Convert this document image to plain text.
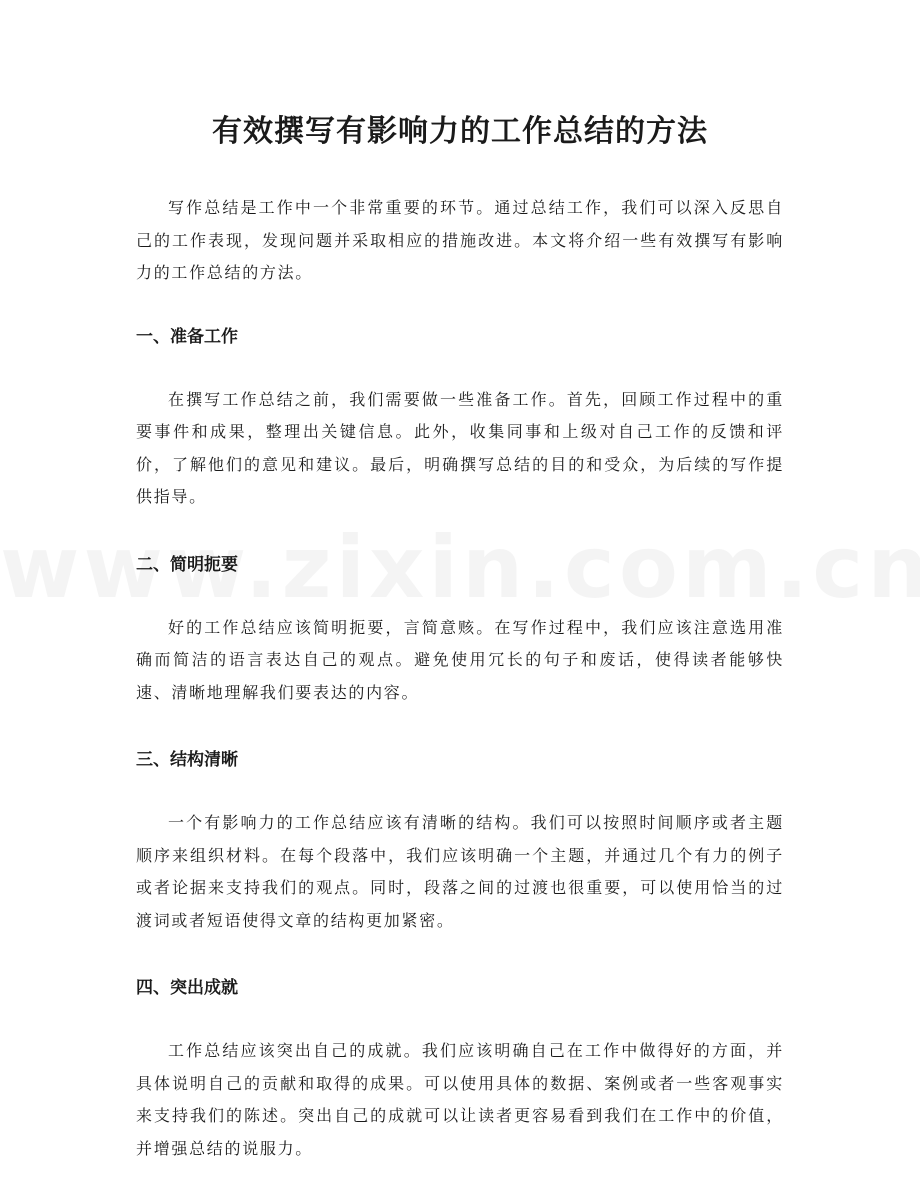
有效撰写有影响力的工作总结的方法

写作总结是工作中一个非常重要的环节。通过总结工作，我们可以深入反思自己的工作表现，发现问题并采取相应的措施改进。本文将介绍一些有效撰写有影响力的工作总结的方法。

一、准备工作

在撰写工作总结之前，我们需要做一些准备工作。首先，回顾工作过程中的重要事件和成果，整理出关键信息。此外，收集同事和上级对自己工作的反馈和评价，了解他们的意见和建议。最后，明确撰写总结的目的和受众，为后续的写作提供指导。

二、简明扼要

好的工作总结应该简明扼要，言简意赅。在写作过程中，我们应该注意选用准确而简洁的语言表达自己的观点。避免使用冗长的句子和废话，使得读者能够快速、清晰地理解我们要表达的内容。

三、结构清晰

一个有影响力的工作总结应该有清晰的结构。我们可以按照时间顺序或者主题顺序来组织材料。在每个段落中，我们应该明确一个主题，并通过几个有力的例子或者论据来支持我们的观点。同时，段落之间的过渡也很重要，可以使用恰当的过渡词或者短语使得文章的结构更加紧密。

四、突出成就

工作总结应该突出自己的成就。我们应该明确自己在工作中做得好的方面，并具体说明自己的贡献和取得的成果。可以使用具体的数据、案例或者一些客观事实来支持我们的陈述。突出自己的成就可以让读者更容易看到我们在工作中的价值，并增强总结的说服力。
